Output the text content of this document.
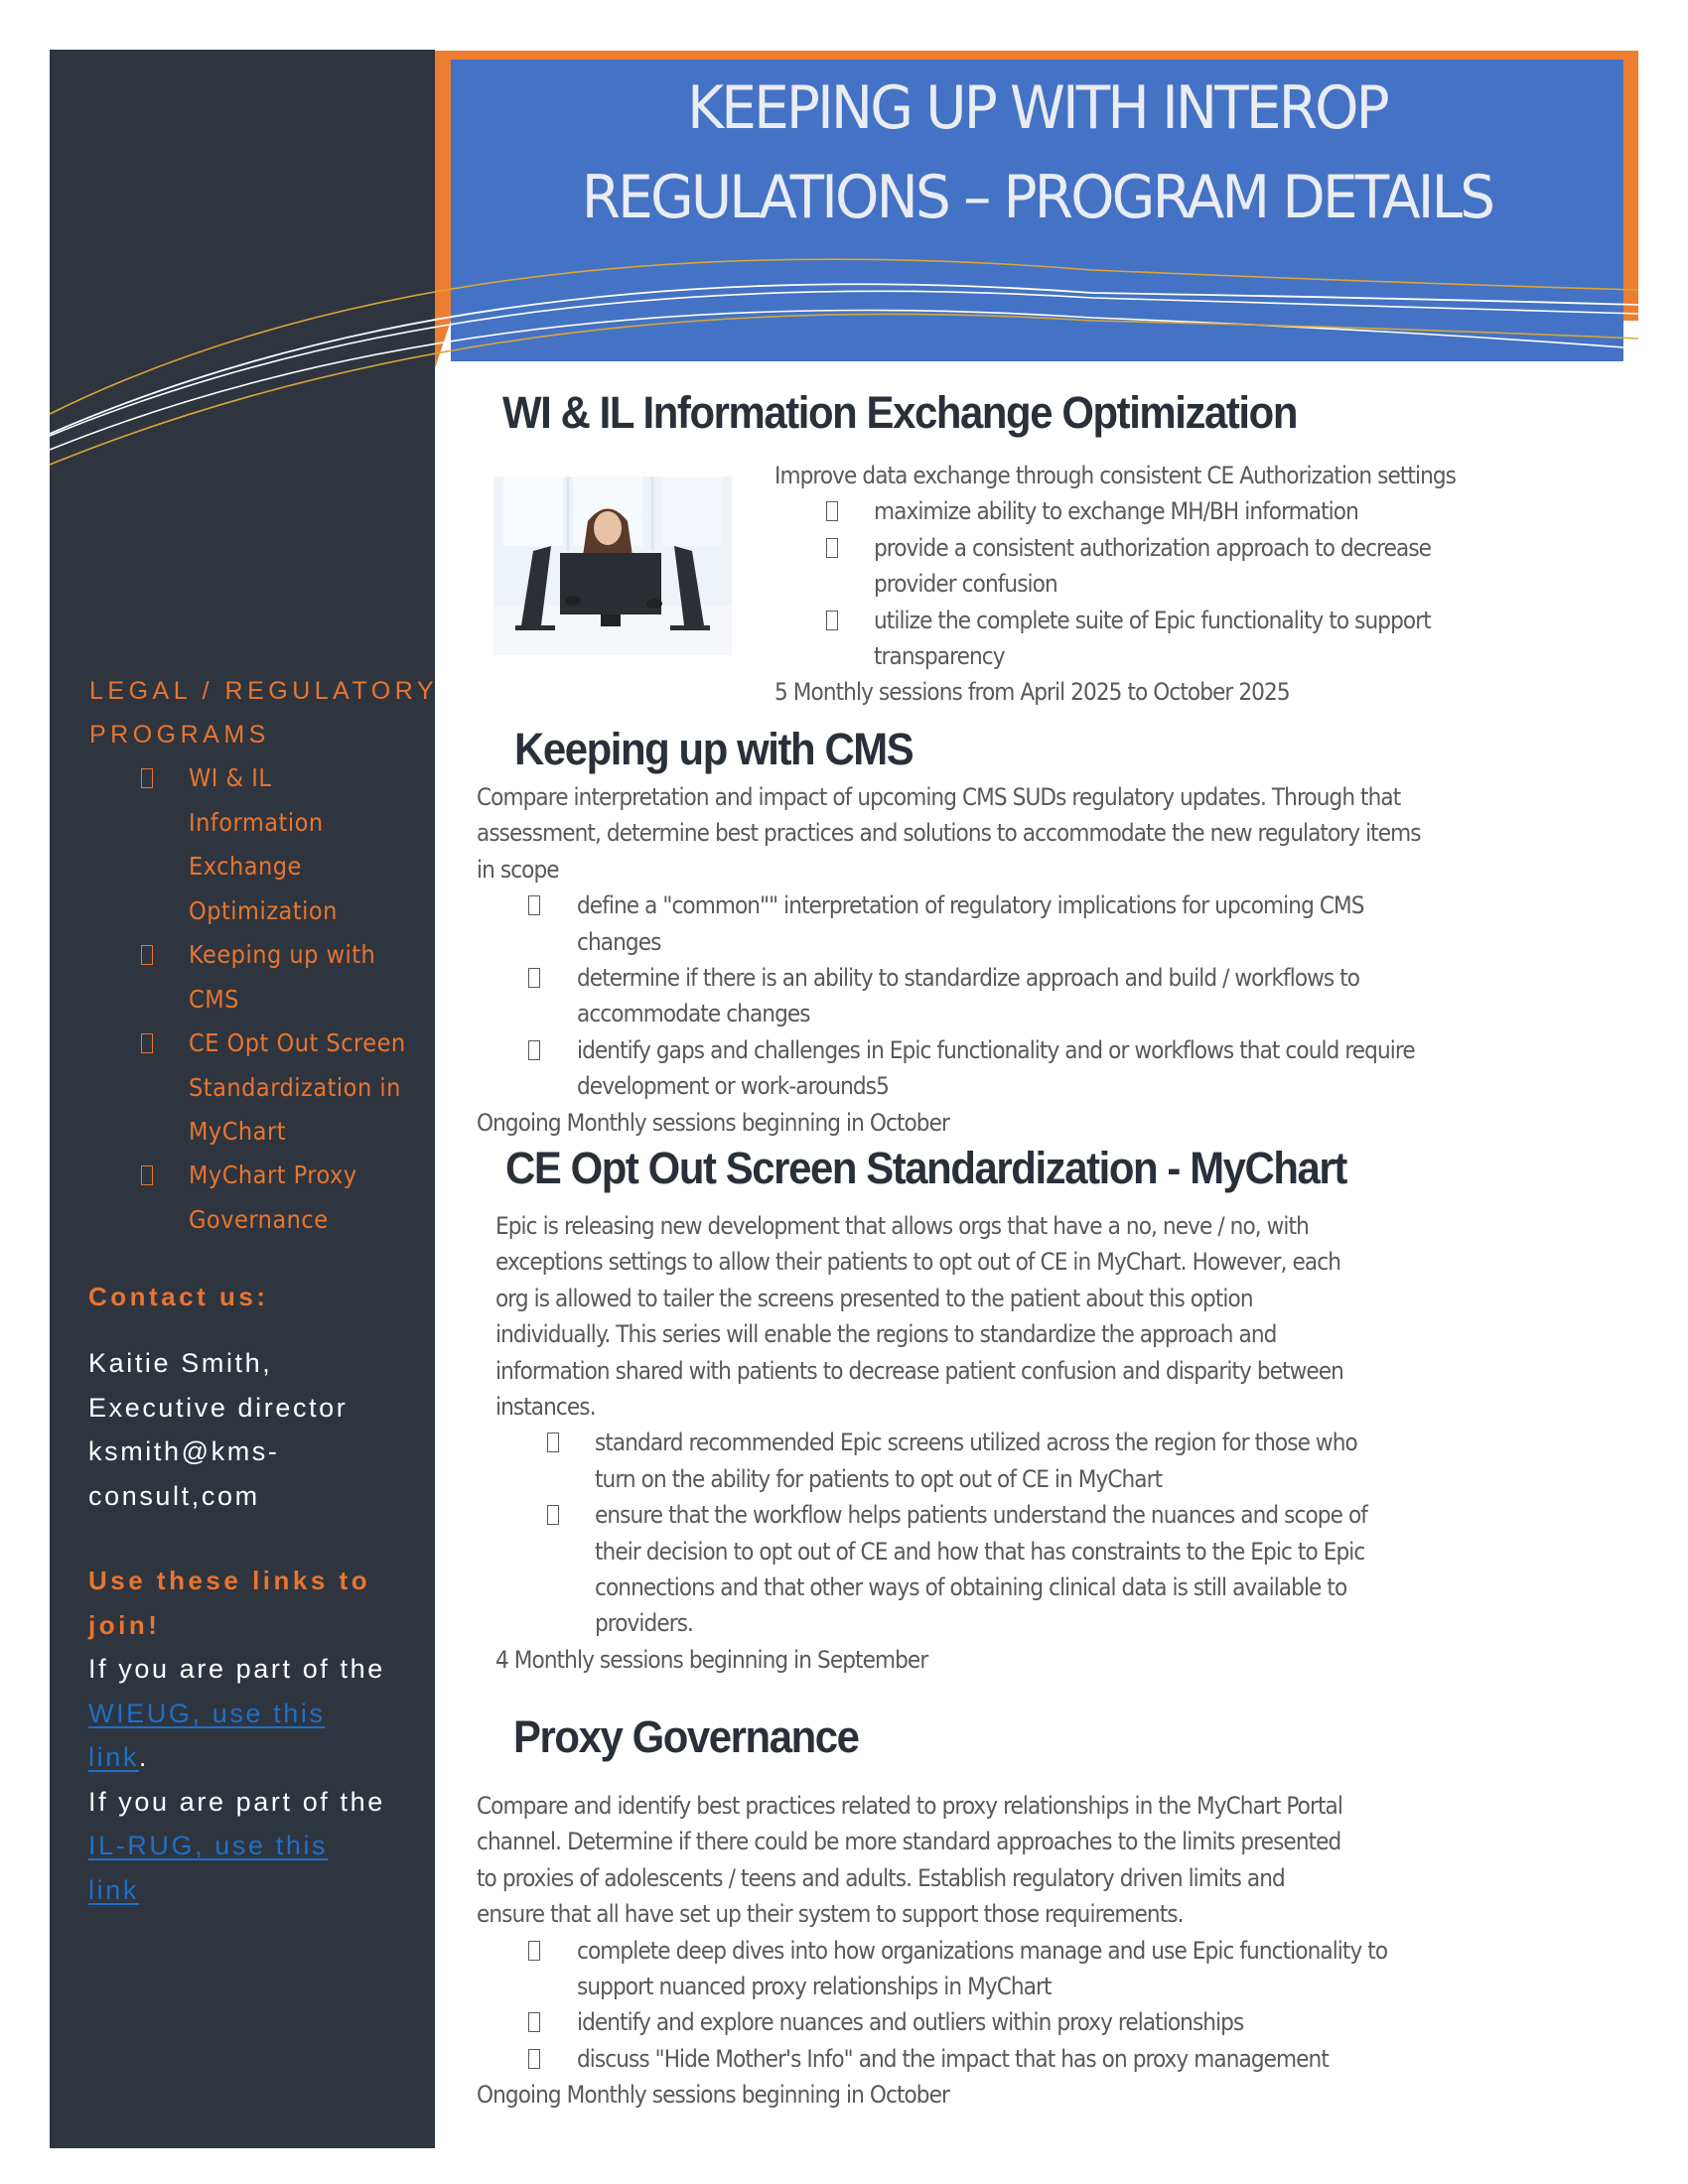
KEEPING UP WITH INTEROP
REGULATIONS – PROGRAM DETAILS
LEGAL / REGULATORY
PROGRAMS
WI & IL
Information
Exchange
Optimization
Keeping up with
CMS
CE Opt Out Screen
Standardization in
MyChart
MyChart Proxy
Governance
Contact us:
Kaitie Smith,
Executive director
ksmith@kms-
consult,com
Use these links to
join!
If you are part of the
WIEUG, use this
link.
If you are part of the
IL-RUG, use this
link
WI & IL Information Exchange Optimization
Improve data exchange through consistent CE Authorization settings
maximize ability to exchange MH/BH information
provide a consistent authorization approach to decrease
provider confusion
utilize the complete suite of Epic functionality to support
transparency
5 Monthly sessions from April 2025 to October 2025
Keeping up with CMS
Compare interpretation and impact of upcoming CMS SUDs regulatory updates. Through that
assessment, determine best practices and solutions to accommodate the new regulatory items
in scope
define a "common"" interpretation of regulatory implications for upcoming CMS
changes
determine if there is an ability to standardize approach and build / workflows to
accommodate changes
identify gaps and challenges in Epic functionality and or workflows that could require
development or work-arounds5
Ongoing Monthly sessions beginning in October
CE Opt Out Screen Standardization - MyChart
Epic is releasing new development that allows orgs that have a no, neve / no, with
exceptions settings to allow their patients to opt out of CE in MyChart. However, each
org is allowed to tailer the screens presented to the patient about this option
individually. This series will enable the regions to standardize the approach and
information shared with patients to decrease patient confusion and disparity between
instances.
standard recommended Epic screens utilized across the region for those who
turn on the ability for patients to opt out of CE in MyChart
ensure that the workflow helps patients understand the nuances and scope of
their decision to opt out of CE and how that has constraints to the Epic to Epic
connections and that other ways of obtaining clinical data is still available to
providers.
4 Monthly sessions beginning in September
Proxy Governance
Compare and identify best practices related to proxy relationships in the MyChart Portal
channel. Determine if there could be more standard approaches to the limits presented
to proxies of adolescents / teens and adults. Establish regulatory driven limits and
ensure that all have set up their system to support those requirements.
complete deep dives into how organizations manage and use Epic functionality to
support nuanced proxy relationships in MyChart
identify and explore nuances and outliers within proxy relationships
discuss "Hide Mother's Info" and the impact that has on proxy management
Ongoing Monthly sessions beginning in October
